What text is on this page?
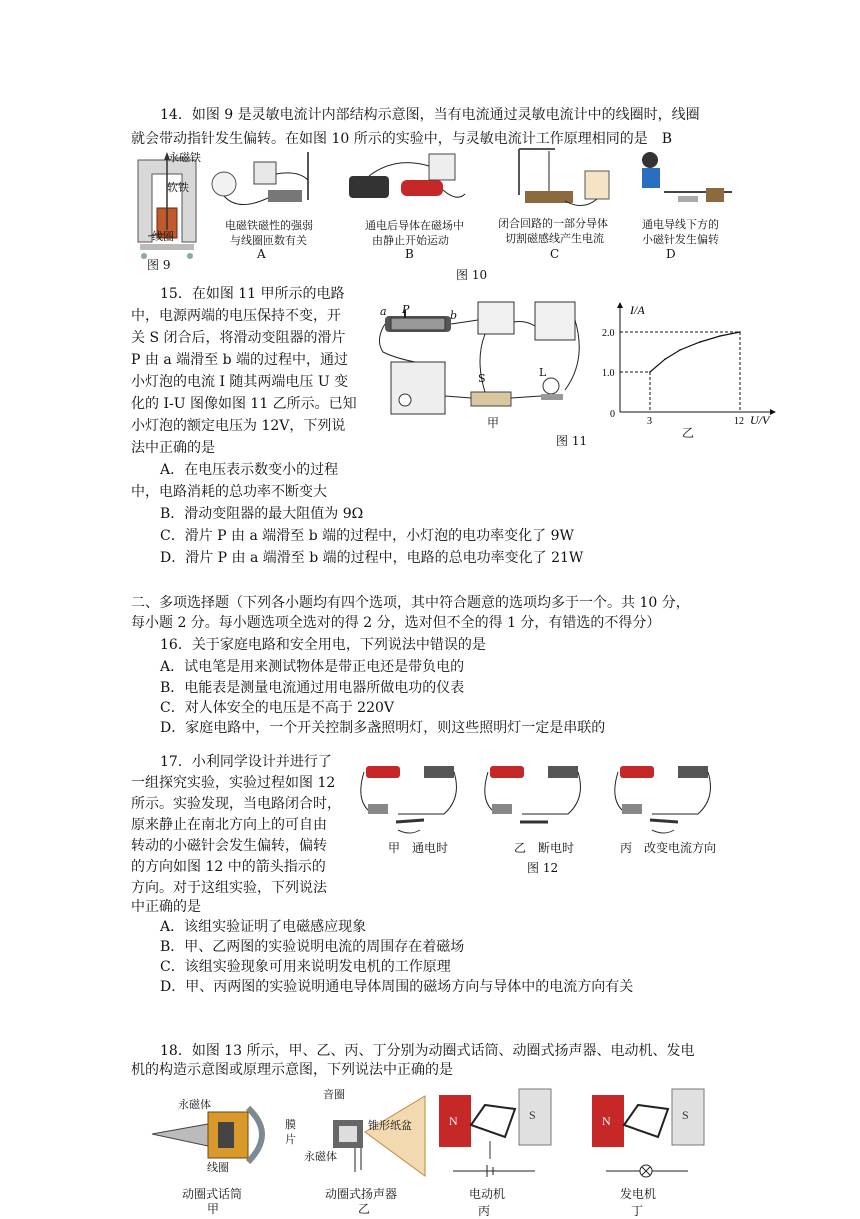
14．如图 9 是灵敏电流计内部结构示意图，当有电流通过灵敏电流计中的线圈时，线圈
就会带动指针发生偏转。在如图 10 所示的实验中，与灵敏电流计工作原理相同的是　B
永磁铁
软铁
线圈
图 9
电磁铁磁性的强弱
与线圈匝数有关
A
通电后导体在磁场中
由静止开始运动
B
闭合回路的一部分导体
切割磁感线产生电流
C
通电导线下方的
小磁针发生偏转
D
图 10
15．在如图 11 甲所示的电路
中，电源两端的电压保持不变，开
关 S 闭合后，将滑动变阻器的滑片
P 由 a 端滑至 b 端的过程中，通过
小灯泡的电流 I 随其两端电压 U 变
化的 I-U 图像如图 11 乙所示。已知
小灯泡的额定电压为 12V，下列说
法中正确的是
A．在电压表示数变小的过程
中，电路消耗的总功率不断变大
B．滑动变阻器的最大阻值为 9Ω
C．滑片 P 由 a 端滑至 b 端的过程中，小灯泡的电功率变化了 9W
D．滑片 P 由 a 端滑至 b 端的过程中，电路的总电功率变化了 21W
a P	b
S	L
甲
图 11
I/A
U/V
0
1.0
2.0
3	12
乙
二、多项选择题（下列各小题均有四个选项，其中符合题意的选项均多于一个。共 10 分，
每小题 2 分。每小题选项全选对的得 2 分，选对但不全的得 1 分，有错选的不得分）
16．关于家庭电路和安全用电，下列说法中错误的是
A．试电笔是用来测试物体是带正电还是带负电的
B．电能表是测量电流通过用电器所做电功的仪表
C．对人体安全的电压是不高于 220V
D．家庭电路中，一个开关控制多盏照明灯，则这些照明灯一定是串联的
17．小利同学设计并进行了
一组探究实验，实验过程如图 12
所示。实验发现，当电路闭合时，
原来静止在南北方向上的可自由
转动的小磁针会发生偏转，偏转
的方向如图 12 中的箭头指示的
方向。对于这组实验，下列说法
中正确的是
A．该组实验证明了电磁感应现象
B．甲、乙两图的实验说明电流的周围存在着磁场
C．该组实验现象可用来说明发电机的工作原理
D．甲、丙两图的实验说明通电导体周围的磁场方向与导体中的电流方向有关
甲　通电时	乙　断电时	丙　改变电流方向
图 12
18．如图 13 所示，甲、乙、丙、丁分别为动圈式话筒、动圈式扬声器、电动机、发电
机的构造示意图或原理示意图，下列说法中正确的是
永磁体
膜
片
线圈
动圈式话筒
甲
音圈
锥形纸盆
永磁体
动圈式扬声器
乙
N	S
电动机
丙
N	S
发电机
丁
